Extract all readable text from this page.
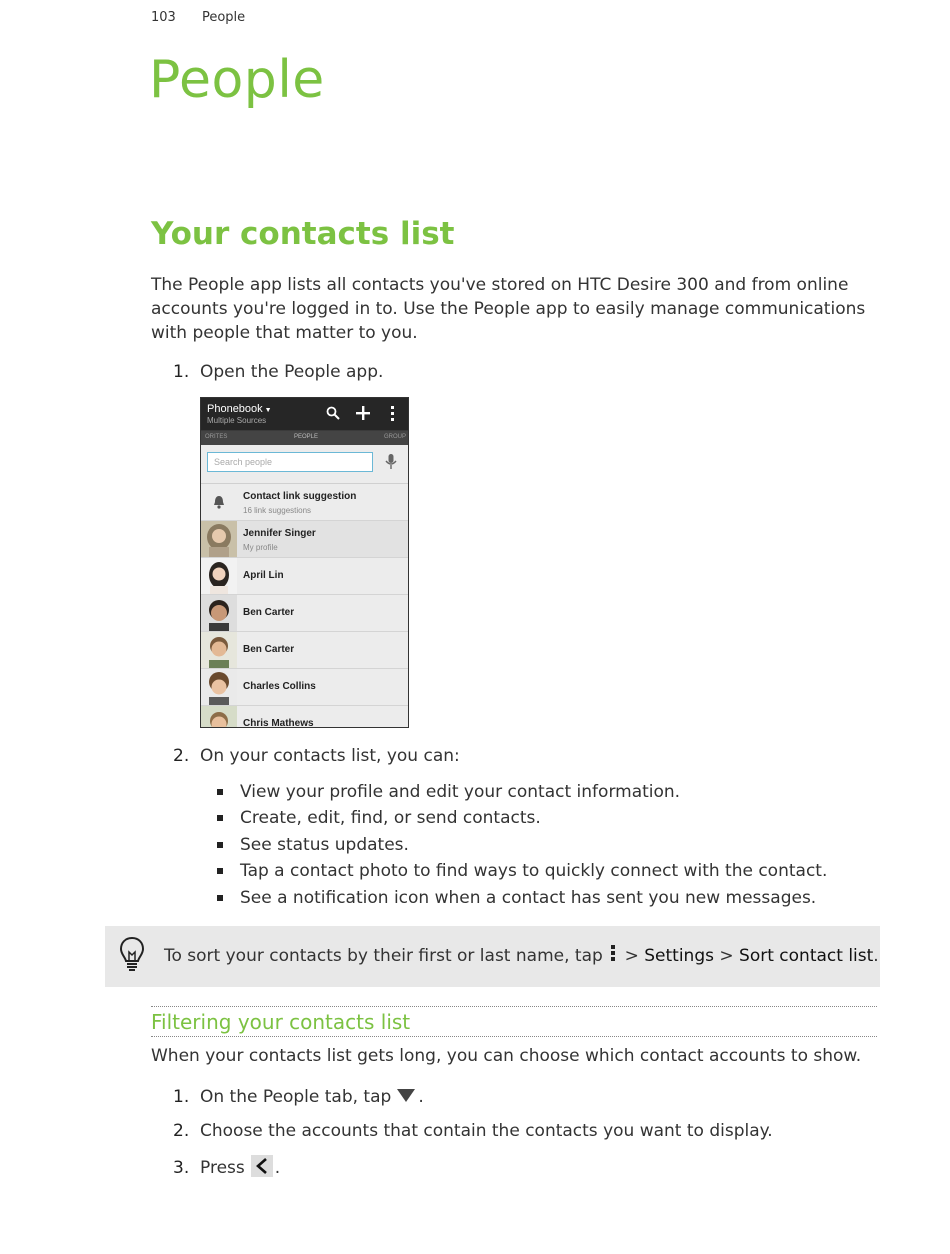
103 People
People
Your contacts list

The People app lists all contacts you've stored on HTC Desire 300 and from online accounts you're logged in to. Use the People app to easily manage communications with people that matter to you.

1. Open the People app.
Phonebook ▼
Multiple Sources
ORITES	PEOPLE	GROUP
Search people
Contact link suggestion
16 link suggestions
Jennifer Singer
My profile
April Lin
Ben Carter
Ben Carter
Charles Collins
Chris Mathews
2. On your contacts list, you can:
View your profile and edit your contact information.
Create, edit, find, or send contacts.
See status updates.
Tap a contact photo to find ways to quickly connect with the contact.
See a notification icon when a contact has sent you new messages.
To sort your contacts by their first or last name, tap > Settings > Sort contact list.
Filtering your contacts list

When your contacts list gets long, you can choose which contact accounts to show.

1. On the People tab, tap .
2. Choose the accounts that contain the contacts you want to display.
3. Press .
